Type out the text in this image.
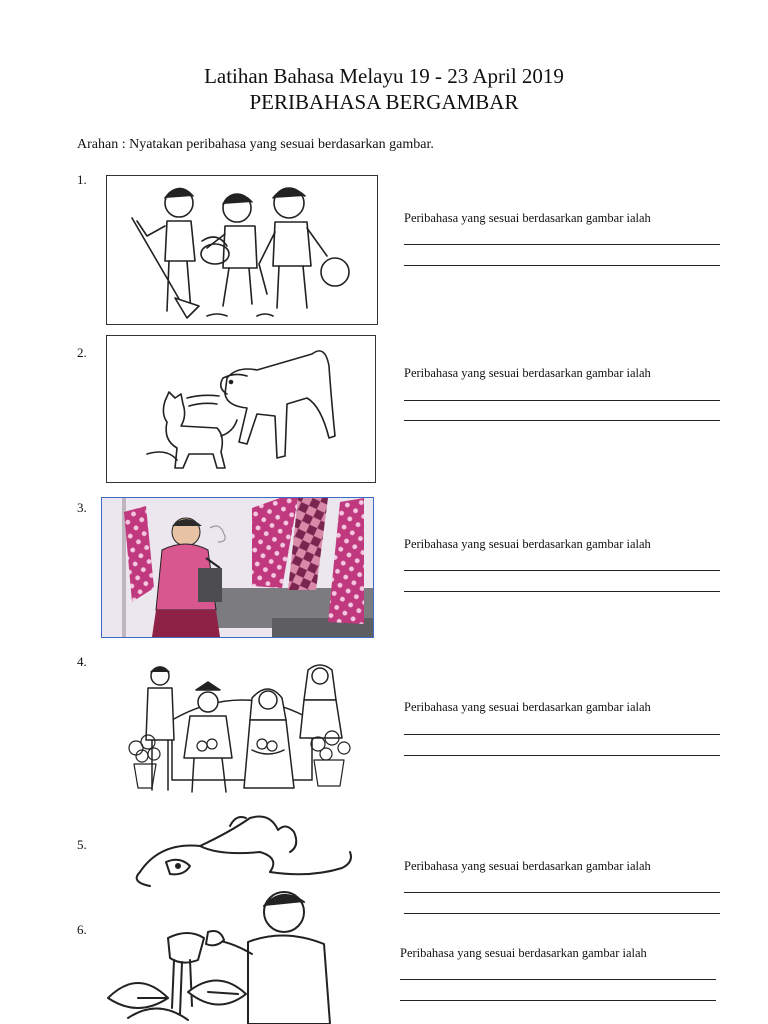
Latihan Bahasa Melayu 19 - 23 April 2019
PERIBAHASA BERGAMBAR
Arahan : Nyatakan peribahasa yang sesuai berdasarkan gambar.
1.
Peribahasa yang sesuai berdasarkan gambar ialah
2.
Peribahasa yang sesuai berdasarkan gambar ialah
3.
Peribahasa yang sesuai berdasarkan gambar ialah
4.
Peribahasa yang sesuai berdasarkan gambar ialah
5.
Peribahasa yang sesuai berdasarkan gambar ialah
6.
Peribahasa yang sesuai berdasarkan gambar ialah
